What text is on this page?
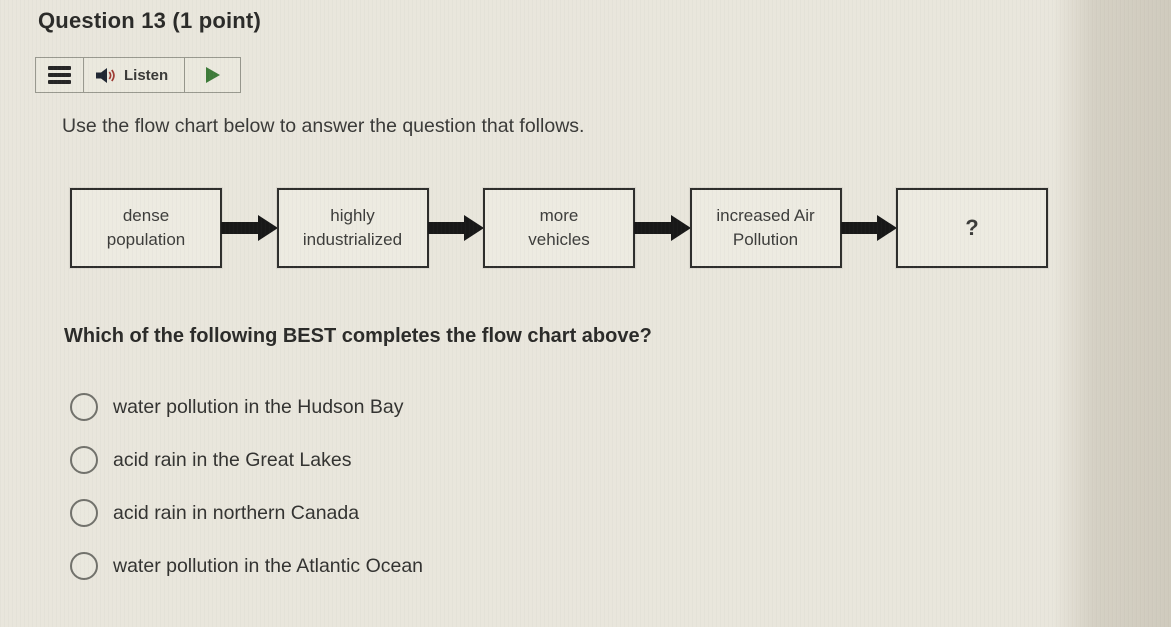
Question 13 (1 point)
Listen

Use the flow chart below to answer the question that follows.

dense
population
highly
industrialized
more
vehicles
increased Air
Pollution	?

Which of the following BEST completes the flow chart above?

water pollution in the Hudson Bay
acid rain in the Great Lakes
acid rain in northern Canada
water pollution in the Atlantic Ocean
